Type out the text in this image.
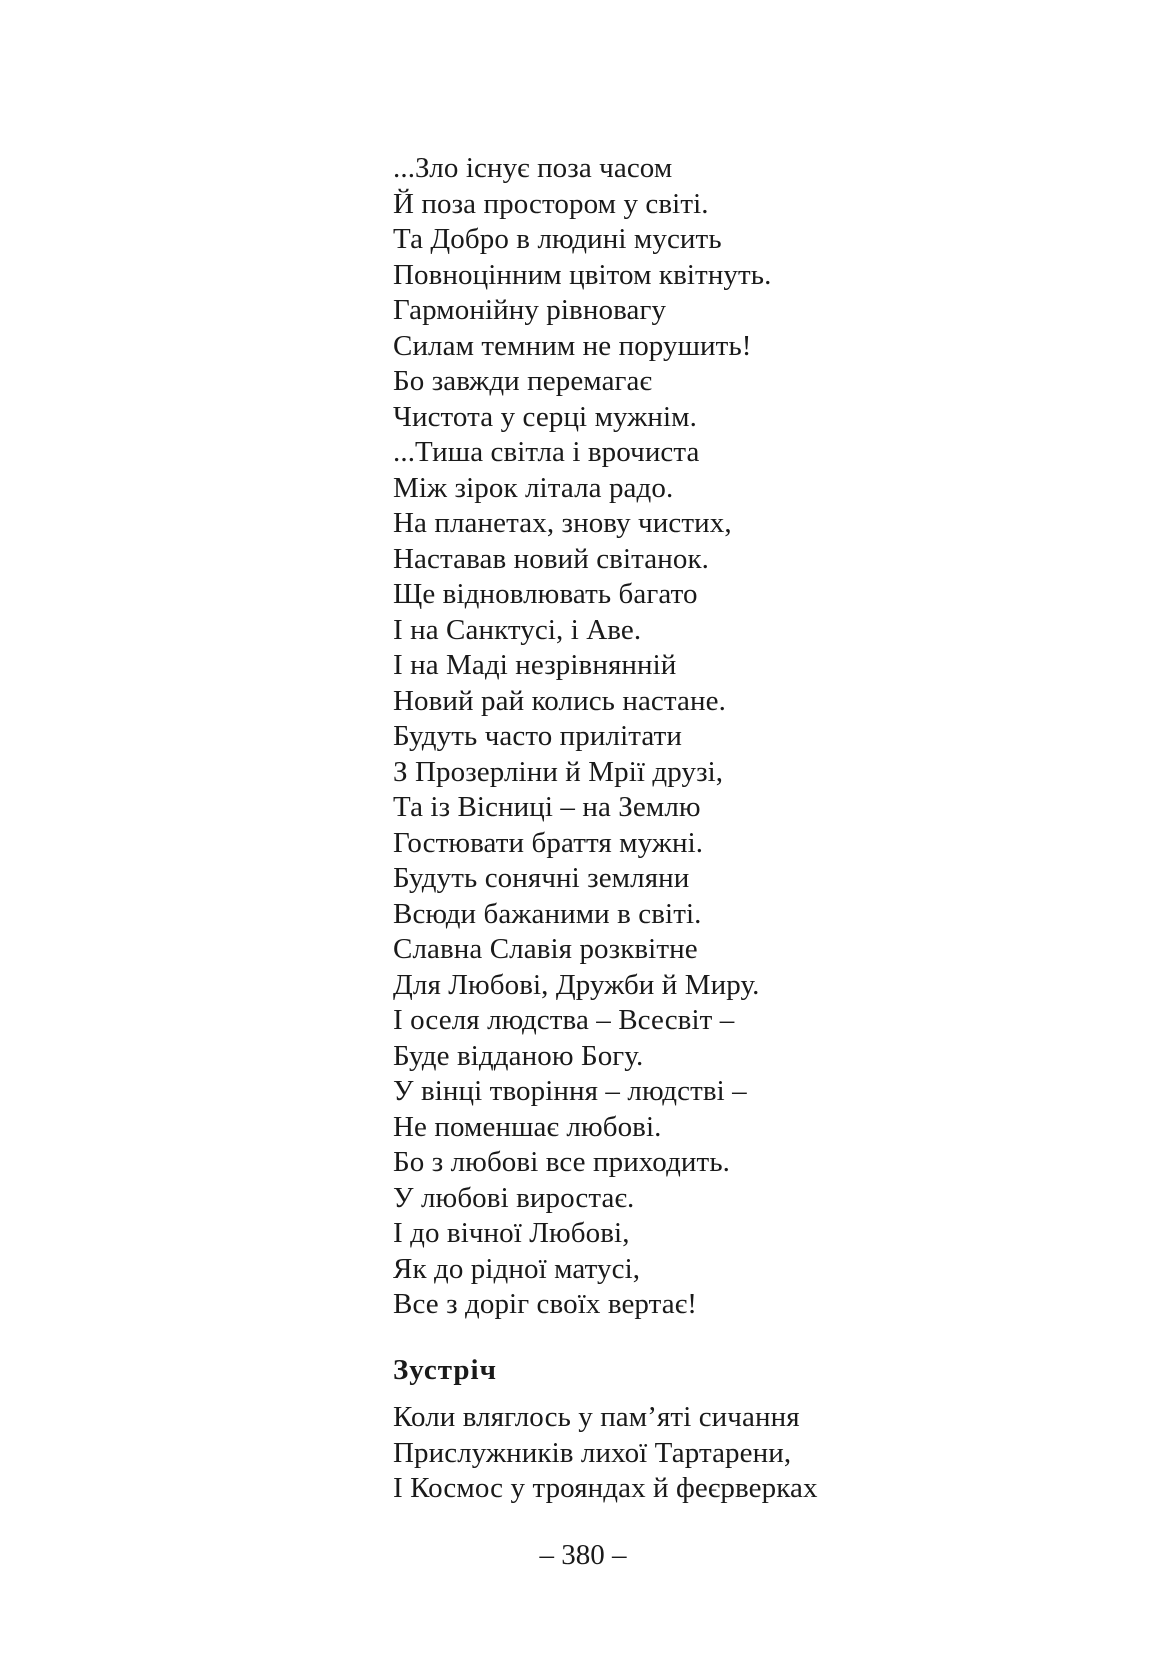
...Зло існує поза часом
Й поза простором у світі.
Та Добро в людині мусить
Повноцінним цвітом квітнуть.
Гармонійну рівновагу
Силам темним не порушить!
Бо завжди перемагає
Чистота у серці мужнім.
...Тиша світла і врочиста
Між зірок літала радо.
На планетах, знову чистих,
Наставав новий світанок.
Ще відновлювать багато
І на Санктусі, і Аве.
І на Маді незрівнянній
Новий рай колись настане.
Будуть часто прилітати
З Прозерліни й Мрії друзі,
Та із Вісниці – на Землю
Гостювати браття мужні.
Будуть сонячні земляни
Всюди бажаними в світі.
Славна Славія розквітне
Для Любові, Дружби й Миру.
І оселя людства – Всесвіт –
Буде відданою Богу.
У вінці творіння – людстві –
Не поменшає любові.
Бо з любові все приходить.
У любові виростає.
І до вічної Любові,
Як до рідної матусі,
Все з доріг своїх вертає!
Зустріч
Коли вляглось у пам’яті сичання
Прислужників лихої Тартарени,
І Космос у трояндах й феєрверках
– 380 –
